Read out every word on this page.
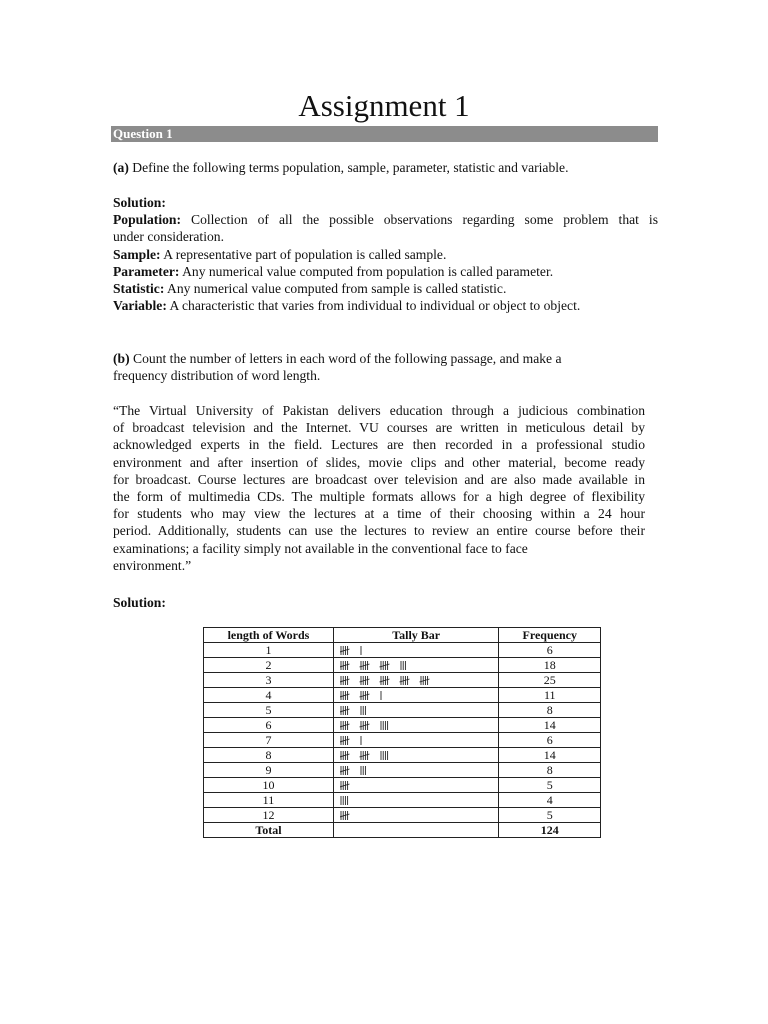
Assignment 1
Question 1
(a) Define the following terms population, sample, parameter, statistic and variable.
Solution:
Population: Collection of all the possible observations regarding some problem that is
under consideration.
Sample: A representative part of population is called sample.
Parameter: Any numerical value computed from population is called parameter.
Statistic: Any numerical value computed from sample is called statistic.
Variable: A characteristic that varies from individual to individual or object to object.
(b) Count the number of letters in each word of the following passage, and make a
frequency distribution of word length.
“The Virtual University of Pakistan delivers education through a judicious combination
of broadcast television and the Internet. VU courses are written in meticulous detail by
acknowledged experts in the field. Lectures are then recorded in a professional studio
environment and after insertion of slides, movie clips and other material, become ready
for broadcast. Course lectures are broadcast over television and are also made available in
the form of multimedia CDs. The multiple formats allows for a high degree of flexibility
for students who may view the lectures at a time of their choosing within a 24 hour
period. Additionally, students can use the lectures to review an entire course before their
examinations; a facility simply not available in the conventional face to face
environment.”
Solution:
length of Words	Tally Bar	Frequency
1		6
2		18
3		25
4		11
5		8
6		14
7		6
8		14
9		8
10		5
11		4
12		5
Total		124
